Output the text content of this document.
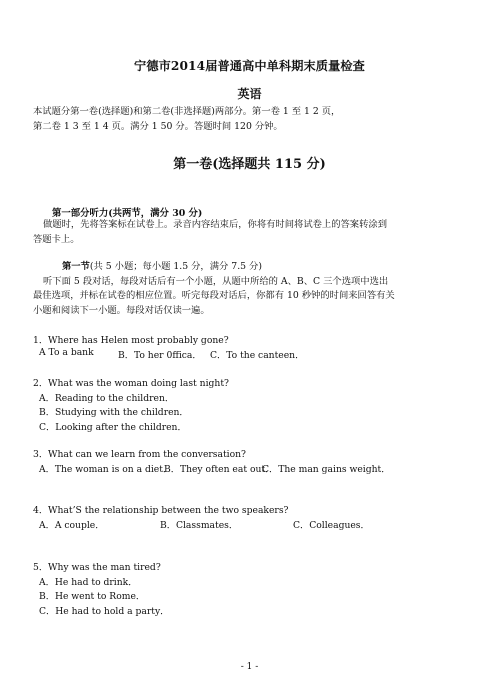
宁德市2014届普通高中单科期末质量检查
英语
本试题分第一卷(选择题)和第二卷(非选择题)两部分。第一卷 1 至 1 2 页，
第二卷 1 3 至 1 4 页。满分 1 50 分。答题时间 120 分钟。
第一卷(选择题共 115 分)
第一部分听力(共两节，满分 30 分)
做题时，先将答案标在试卷上。录音内容结束后，你将有时间将试卷上的答案转涂到
答题卡上。
第一节(共 5 小题；每小题 1.5 分，满分 7.5 分)
听下面 5 段对话，每段对话后有一个小题，从题中所给的 A、B、C 三个选项中选出
最佳选项，并标在试卷的相应位置。听完每段对话后，你都有 10 秒钟的时间来回答有关
小题和阅读下一小题。每段对话仅读一遍。
1．Where has Helen most probably gone?
A To a bank	B．To her 0ffica． C．To the canteen．
2．What was the woman doing last night?
A．Reading to the children．
B．Studying with the children．
C．Looking after the children．
3．What can we learn from the conversation?
A．The woman is on a diet．
B．They often eat out．
C．The man gains weight．
4．What’S the relationship between the two speakers?
A．A couple．	B．Classmates．	C．Colleagues．
5．Why was the man tired?
A．He had to drink．
B．He went to Rome．
C．He had to hold a party．
- 1 -
